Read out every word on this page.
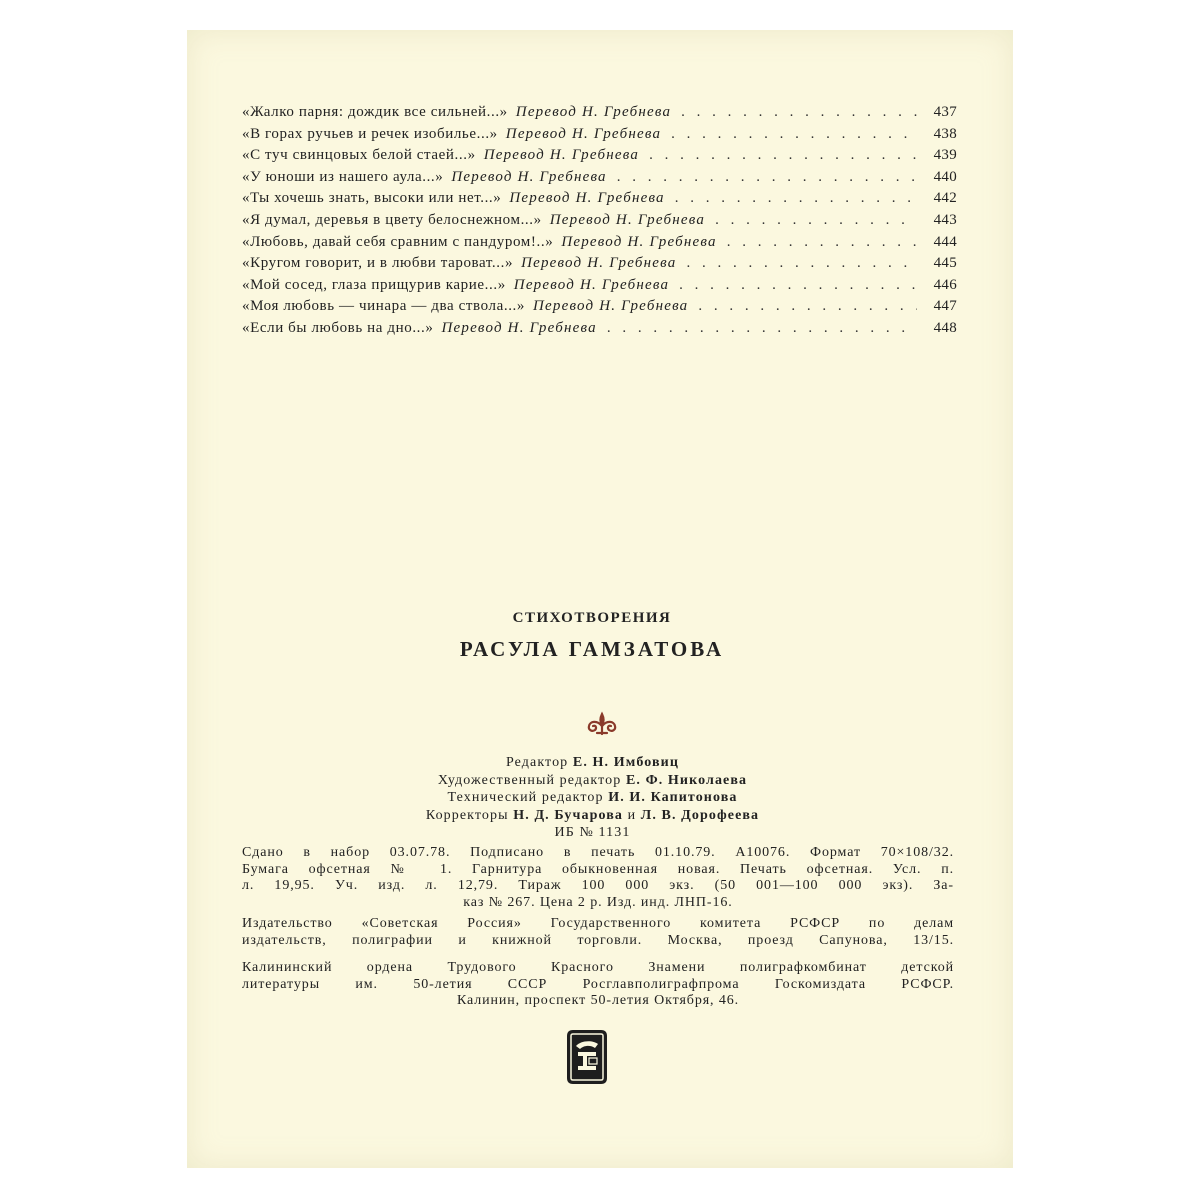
«Жалко парня: дождик все сильней...» Перевод Н. Гребнева . . .	437
«В горах ручьев и речек изобилье...» Перевод Н. Гребнева . . .	438
«С туч свинцовых белой стаей...» Перевод Н. Гребнева . . .	439
«У юноши из нашего аула...» Перевод Н. Гребнева . . .	440
«Ты хочешь знать, высоки или нет...» Перевод Н. Гребнева . . .	442
«Я думал, деревья в цвету белоснежном...» Перевод Н. Гребнева . . .	443
«Любовь, давай себя сравним с пандуром!..» Перевод Н. Гребнева . . .	444
«Кругом говорит, и в любви тароват...» Перевод Н. Гребнева . . .	445
«Мой сосед, глаза прищурив карие...» Перевод Н. Гребнева . . .	446
«Моя любовь — чинара — два ствола...» Перевод Н. Гребнева . . .	447
«Если бы любовь на дно...» Перевод Н. Гребнева . . .	448
СТИХОТВОРЕНИЯ
РАСУЛА ГАМЗАТОВА
Редактор Е. Н. Имбовиц
Художественный редактор Е. Ф. Николаева
Технический редактор И. И. Капитонова
Корректоры Н. Д. Бучарова и Л. В. Дорофеева
ИБ № 1131
Сдано в набор 03.07.78. Подписано в печать 01.10.79. А10076. Формат 70×108/32.
Бумага офсетная № 1. Гарнитура обыкновенная новая. Печать офсетная. Усл. п.
л. 19,95. Уч. изд. л. 12,79. Тираж 100 000 экз. (50 001—100 000 экз). За-
каз № 267. Цена 2 р. Изд. инд. ЛНП-16.
Издательство «Советская Россия» Государственного комитета РСФСР по делам
издательств, полиграфии и книжной торговли. Москва, проезд Сапунова, 13/15.
Калининский ордена Трудового Красного Знамени полиграфкомбинат детской
литературы им. 50-летия СССР Росглавполиграфпрома Госкомиздата РСФСР.
Калинин, проспект 50-летия Октября, 46.
